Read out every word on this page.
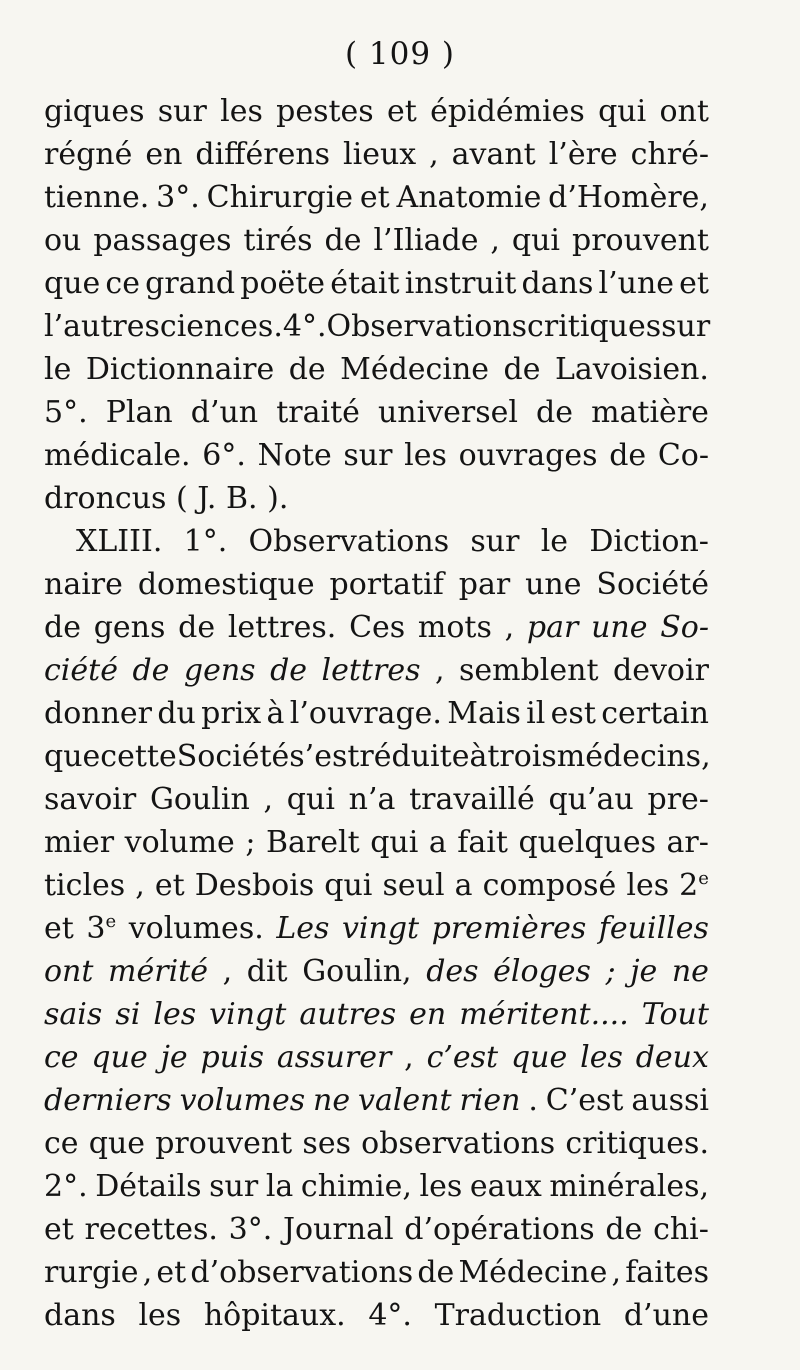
( 109 )
giques sur les pestes et épidémies qui ont
régné en différens lieux , avant l’ère chré-
tienne. 3°. Chirurgie et Anatomie d’Homère,
ou passages tirés de l’Iliade , qui prouvent
que ce grand poëte était instruit dans l’une et
l’autre sciences. 4°. Observations critiques sur
le Dictionnaire de Médecine de Lavoisien.
5°. Plan d’un traité universel de matière
médicale. 6°. Note sur les ouvrages de Co-
droncus ( J. B. ).
XLIII. 1°. Observations sur le Diction-
naire domestique portatif par une Société
de gens de lettres. Ces mots , par une So-
ciété de gens de lettres , semblent devoir
donner du prix à l’ouvrage. Mais il est certain
que cette Société s’est réduite à trois médecins,
savoir Goulin , qui n’a travaillé qu’au pre-
mier volume ; Barelt qui a fait quelques ar-
ticles , et Desbois qui seul a composé les 2e
et 3e volumes. Les vingt premières feuilles
ont mérité , dit Goulin, des éloges ; je ne
sais si les vingt autres en méritent.... Tout
ce que je puis assurer , c’est que les deux
derniers volumes ne valent rien . C’est aussi
ce que prouvent ses observations critiques.
2°. Détails sur la chimie, les eaux minérales,
et recettes. 3°. Journal d’opérations de chi-
rurgie , et d’observations de Médecine , faites
dans les hôpitaux. 4°. Traduction d’une
